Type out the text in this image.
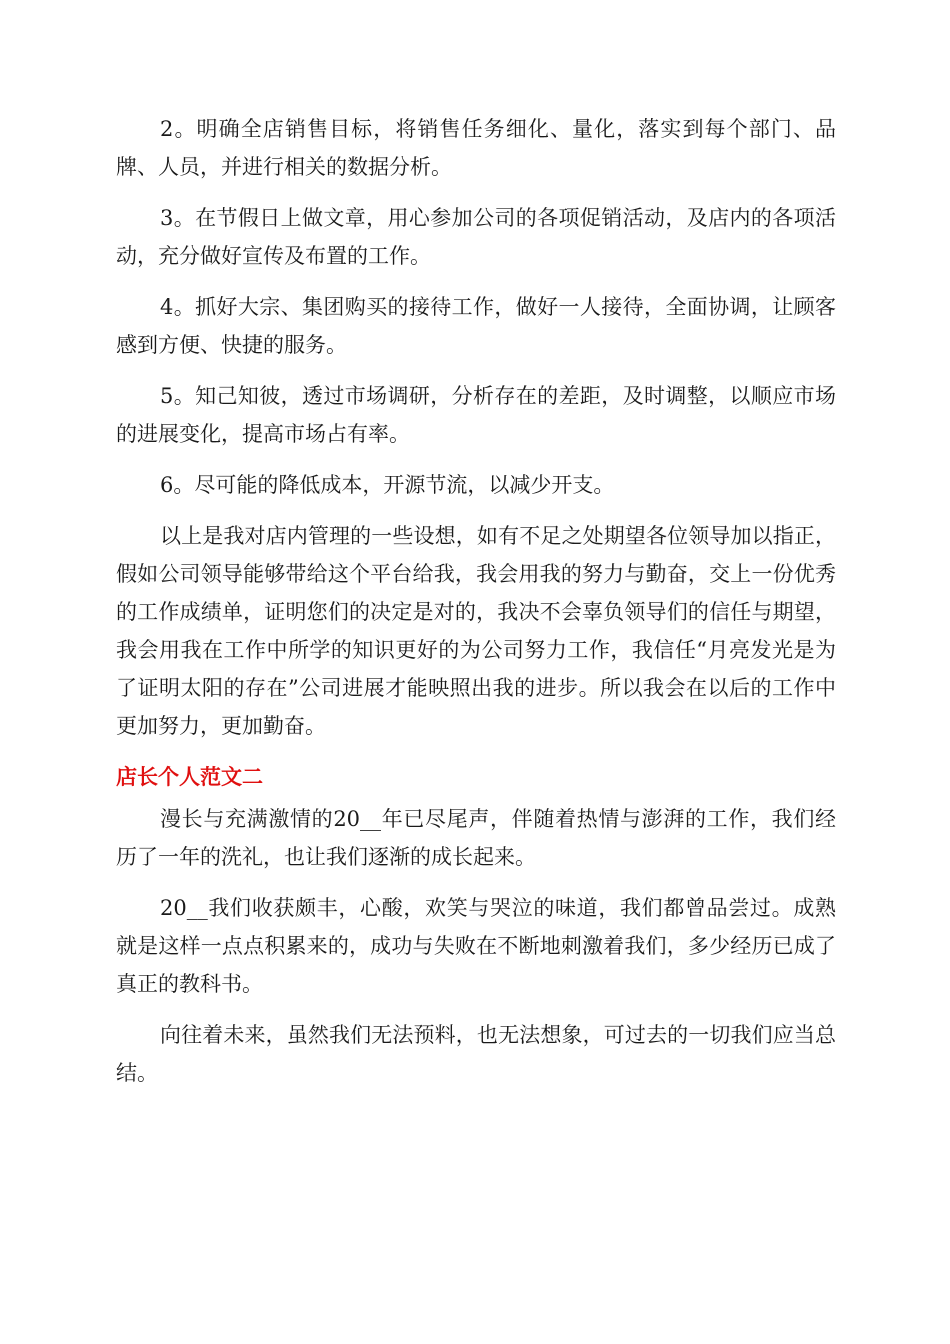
2。明确全店销售目标，将销售任务细化、量化，落实到每个部门、品牌、人员，并进行相关的数据分析。

3。在节假日上做文章，用心参加公司的各项促销活动，及店内的各项活动，充分做好宣传及布置的工作。

4。抓好大宗、集团购买的接待工作，做好一人接待，全面协调，让顾客感到方便、快捷的服务。

5。知己知彼，透过市场调研，分析存在的差距，及时调整，以顺应市场的进展变化，提高市场占有率。

6。尽可能的降低成本，开源节流，以减少开支。

以上是我对店内管理的一些设想，如有不足之处期望各位领导加以指正，假如公司领导能够带给这个平台给我，我会用我的努力与勤奋，交上一份优秀的工作成绩单，证明您们的决定是对的，我决不会辜负领导们的信任与期望，我会用我在工作中所学的知识更好的为公司努力工作，我信任“月亮发光是为了证明太阳的存在”公司进展才能映照出我的进步。所以我会在以后的工作中更加努力，更加勤奋。

店长个人范文二

漫长与充满激情的20__年已尽尾声，伴随着热情与澎湃的工作，我们经历了一年的洗礼，也让我们逐渐的成长起来。

20__我们收获颇丰，心酸，欢笑与哭泣的味道，我们都曾品尝过。成熟就是这样一点点积累来的，成功与失败在不断地刺激着我们，多少经历已成了真正的教科书。

向往着未来，虽然我们无法预料，也无法想象，可过去的一切我们应当总结。
